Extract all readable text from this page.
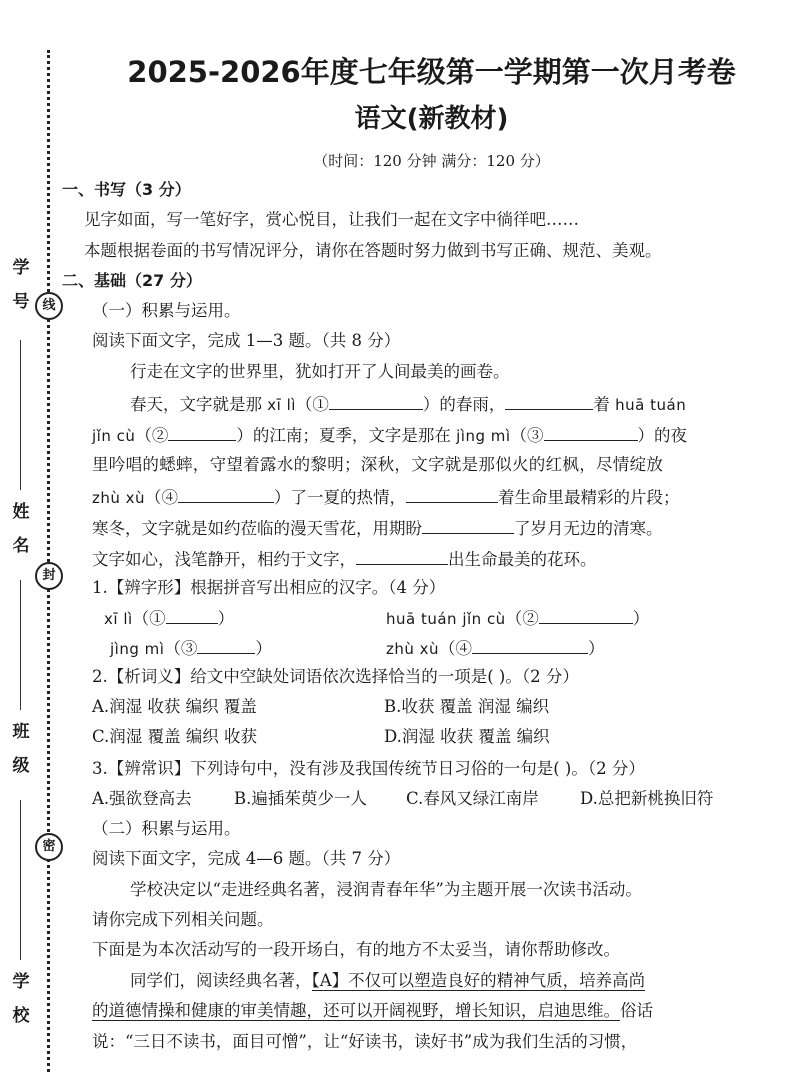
学
号
姓
名
班
级
学
校
线
封
密
2025-2026年度七年级第一学期第一次月考卷
语文(新教材)
（时间：120 分钟 满分：120 分）
一、书写（3 分）
见字如面，写一笔好字，赏心悦目，让我们一起在文字中徜徉吧……
本题根据卷面的书写情况评分，请你在答题时努力做到书写正确、规范、美观。
二、基础（27 分）
（一）积累与运用。
阅读下面文字，完成 1—3 题。（共 8 分）
行走在文字的世界里，犹如打开了人间最美的画卷。
春天，文字就是那 xī lì（①	）的春雨，	着 huā tuán
jǐn cù（②	）的江南；夏季，文字是那在 jìng mì（③	）的夜
里吟唱的蟋蟀，守望着露水的黎明；深秋，文字就是那似火的红枫，尽情绽放
zhù xù（④	）了一夏的热情，	着生命里最精彩的片段；
寒冬，文字就是如约莅临的漫天雪花，用期盼	了岁月无边的清寒。
文字如心，浅笔静开，相约于文字，	出生命最美的花环。
1.【辨字形】根据拼音写出相应的汉字。（4 分）
xī lì（①	）	huā tuán jǐn cù（②	）
jìng mì（③	）	zhù xù（④	）
2.【析词义】给文中空缺处词语依次选择恰当的一项是( )。（2 分）
A.润湿 收获 编织 覆盖	B.收获 覆盖 润湿 编织
C.润湿 覆盖 编织 收获	D.润湿 收获 覆盖 编织
3.【辨常识】下列诗句中，没有涉及我国传统节日习俗的一句是( )。（2 分）
A.强欲登高去	B.遍插茱萸少一人 C.春风又绿江南岸 D.总把新桃换旧符
（二）积累与运用。
阅读下面文字，完成 4—6 题。（共 7 分）
学校决定以“走进经典名著，浸润青春年华”为主题开展一次读书活动。
请你完成下列相关问题。
下面是为本次活动写的一段开场白，有的地方不太妥当，请你帮助修改。
同学们，阅读经典名著，【A】不仅可以塑造良好的精神气质，培养高尚
的道德情操和健康的审美情趣，还可以开阔视野，增长知识，启迪思维。俗话
说：“三日不读书，面目可憎”，让“好读书，读好书”成为我们生活的习惯，
